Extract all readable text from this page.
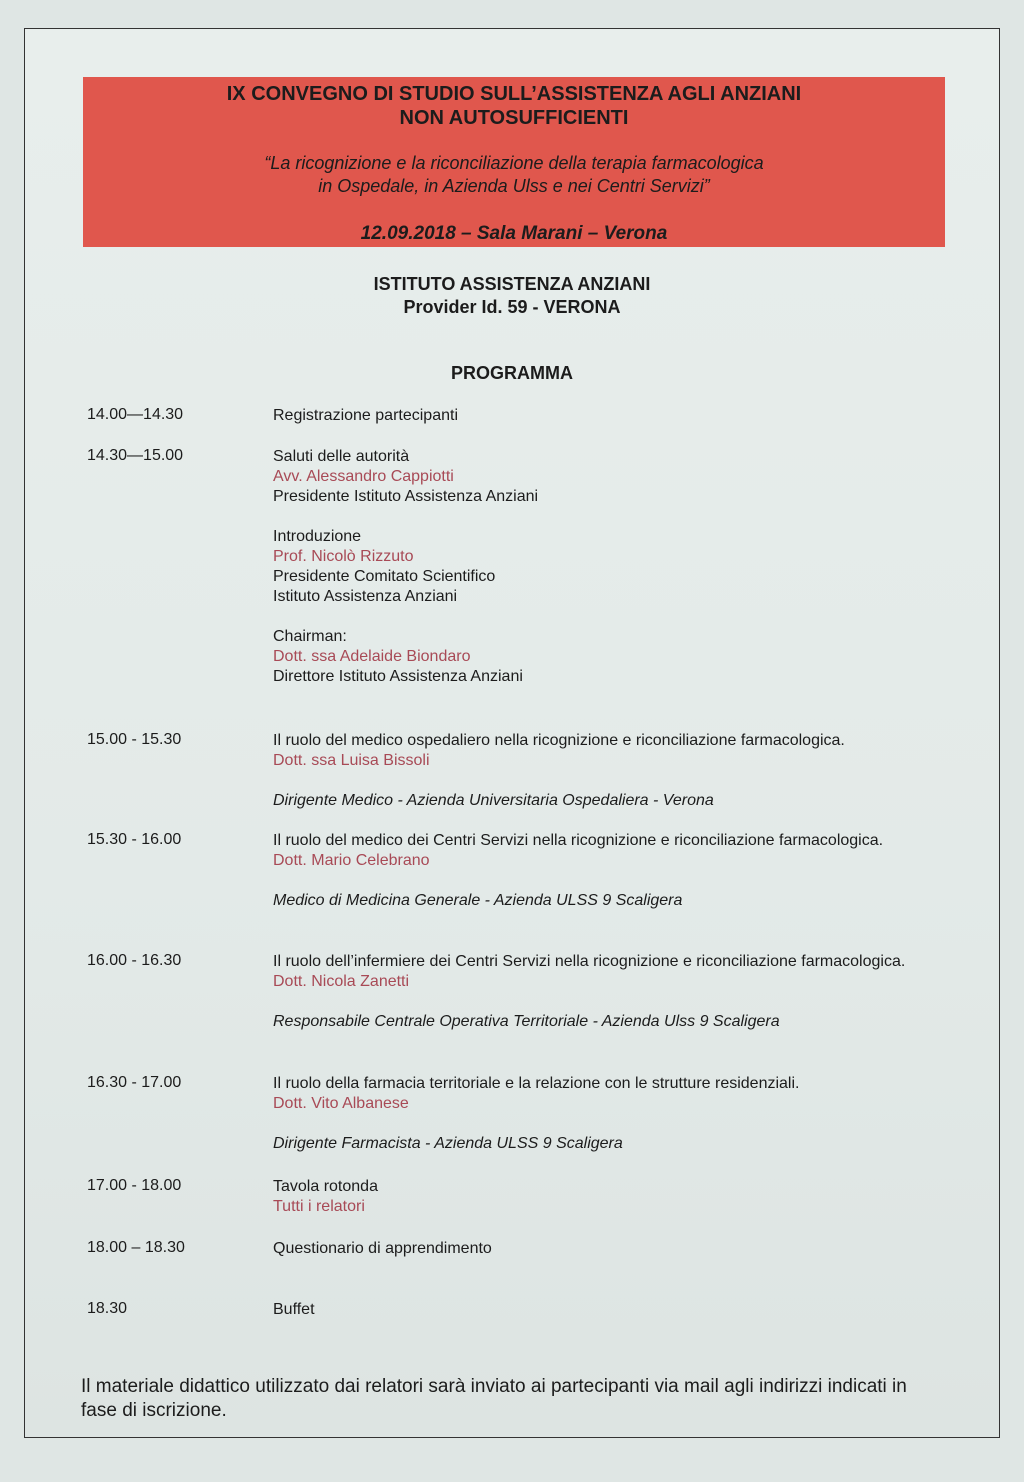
IX CONVEGNO DI STUDIO SULL’ASSISTENZA AGLI ANZIANI
NON AUTOSUFFICIENTI
“La ricognizione e la riconciliazione della terapia farmacologica
in Ospedale, in Azienda Ulss e nei Centri Servizi”
12.09.2018 – Sala Marani – Verona
ISTITUTO ASSISTENZA ANZIANI
Provider Id. 59 - VERONA
PROGRAMMA
14.00—14.30	Registrazione partecipanti
14.30—15.00	Saluti delle autorità
Avv. Alessandro Cappiotti
Presidente Istituto Assistenza Anziani
Introduzione
Prof. Nicolò Rizzuto
Presidente Comitato Scientifico
Istituto Assistenza Anziani
Chairman:
Dott. ssa Adelaide Biondaro
Direttore Istituto Assistenza Anziani
15.00 - 15.30	Il ruolo del medico ospedaliero nella ricognizione e riconciliazione farmacologica.
Dott. ssa Luisa Bissoli
Dirigente Medico - Azienda Universitaria Ospedaliera - Verona
15.30 - 16.00	Il ruolo del medico dei Centri Servizi nella ricognizione e riconciliazione farmacologica.
Dott. Mario Celebrano
Medico di Medicina Generale - Azienda ULSS 9 Scaligera
16.00 - 16.30	Il ruolo dell’infermiere dei Centri Servizi nella ricognizione e riconciliazione farmacologica.
Dott. Nicola Zanetti
Responsabile Centrale Operativa Territoriale - Azienda Ulss 9 Scaligera
16.30 - 17.00	Il ruolo della farmacia territoriale e la relazione con le strutture residenziali.
Dott. Vito Albanese
Dirigente Farmacista - Azienda ULSS 9 Scaligera
17.00 - 18.00	Tavola rotonda
Tutti i relatori
18.00 – 18.30	Questionario di apprendimento
18.30	Buffet
Il materiale didattico utilizzato dai relatori sarà inviato ai partecipanti via mail agli indirizzi indicati in fase di iscrizione.
